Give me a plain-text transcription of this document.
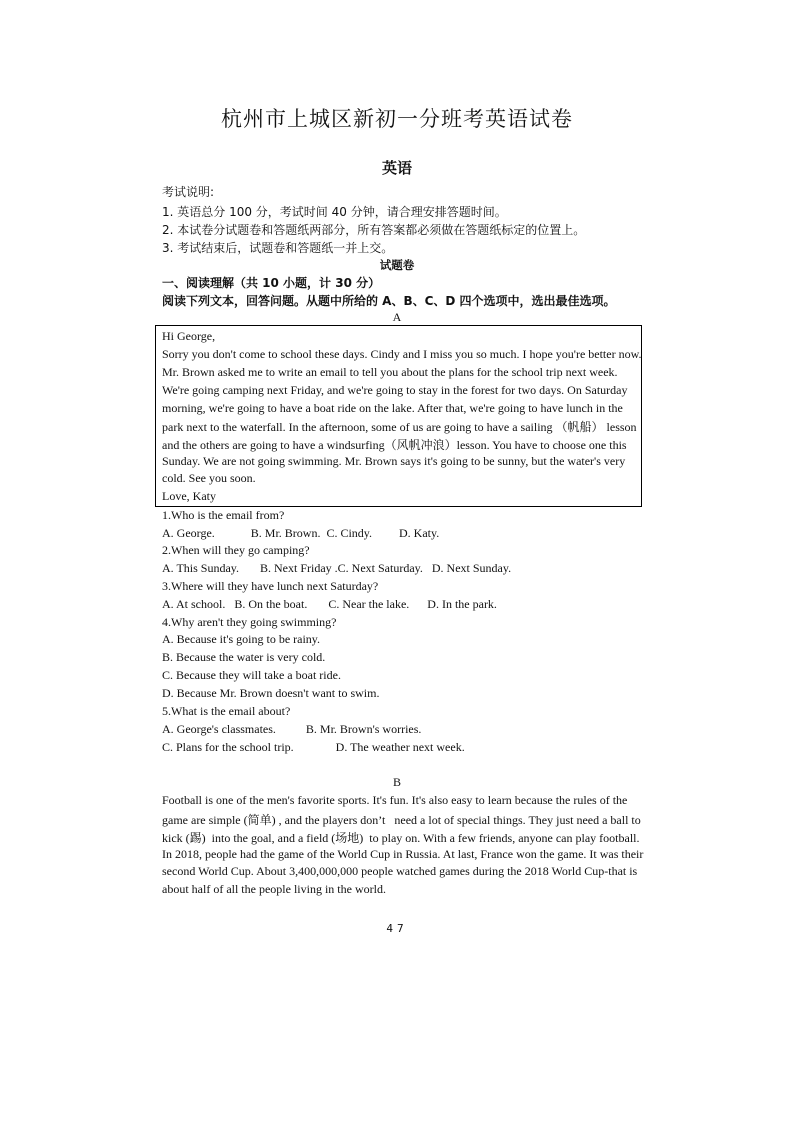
杭州市上城区新初一分班考英语试卷
英语
考试说明:
1. 英语总分 100 分，考试时间 40 分钟，请合理安排答题时间。
2. 本试卷分试题卷和答题纸两部分，所有答案都必须做在答题纸标定的位置上。
3. 考试结束后，试题卷和答题纸一并上交。
试题卷
一、阅读理解（共 10 小题，计 30 分）
阅读下列文本，回答问题。从题中所给的 A、B、C、D 四个选项中，选出最佳选项。
A
Hi George,
Sorry you don't come to school these days. Cindy and I miss you so much. I hope you're better now.
Mr. Brown asked me to write an email to tell you about the plans for the school trip next week.
We're going camping next Friday, and we're going to stay in the forest for two days. On Saturday
morning, we're going to have a boat ride on the lake. After that, we're going to have lunch in the
park next to the waterfall. In the afternoon, some of us are going to have a sailing （帆船） lesson
and the others are going to have a windsurfing（风帆冲浪）lesson. You have to choose one this
Sunday. We are not going swimming. Mr. Brown says it's going to be sunny, but the water's very
cold. See you soon.
Love, Katy
1.Who is the email from?
A. George.            B. Mr. Brown.  C. Cindy.         D. Katy.
2.When will they go camping?
A. This Sunday.       B. Next Friday .C. Next Saturday.   D. Next Sunday.
3.Where will they have lunch next Saturday?
A. At school.   B. On the boat.       C. Near the lake.      D. In the park.
4.Why aren't they going swimming?
A. Because it's going to be rainy.
B. Because the water is very cold.
C. Because they will take a boat ride.
D. Because Mr. Brown doesn't want to swim.
5.What is the email about?
A. George's classmates.          B. Mr. Brown's worries.
C. Plans for the school trip.              D. The weather next week.
B
Football is one of the men's favorite sports. It's fun. It's also easy to learn because the rules of the
game are simple (简单) , and the players don’t   need a lot of special things. They just need a ball to
kick (踢)  into the goal, and a field (场地)  to play on. With a few friends, anyone can play football.
In 2018, people had the game of the World Cup in Russia. At last, France won the game. It was their
second World Cup. About 3,400,000,000 people watched games during the 2018 World Cup-that is
about half of all the people living in the world.
47
